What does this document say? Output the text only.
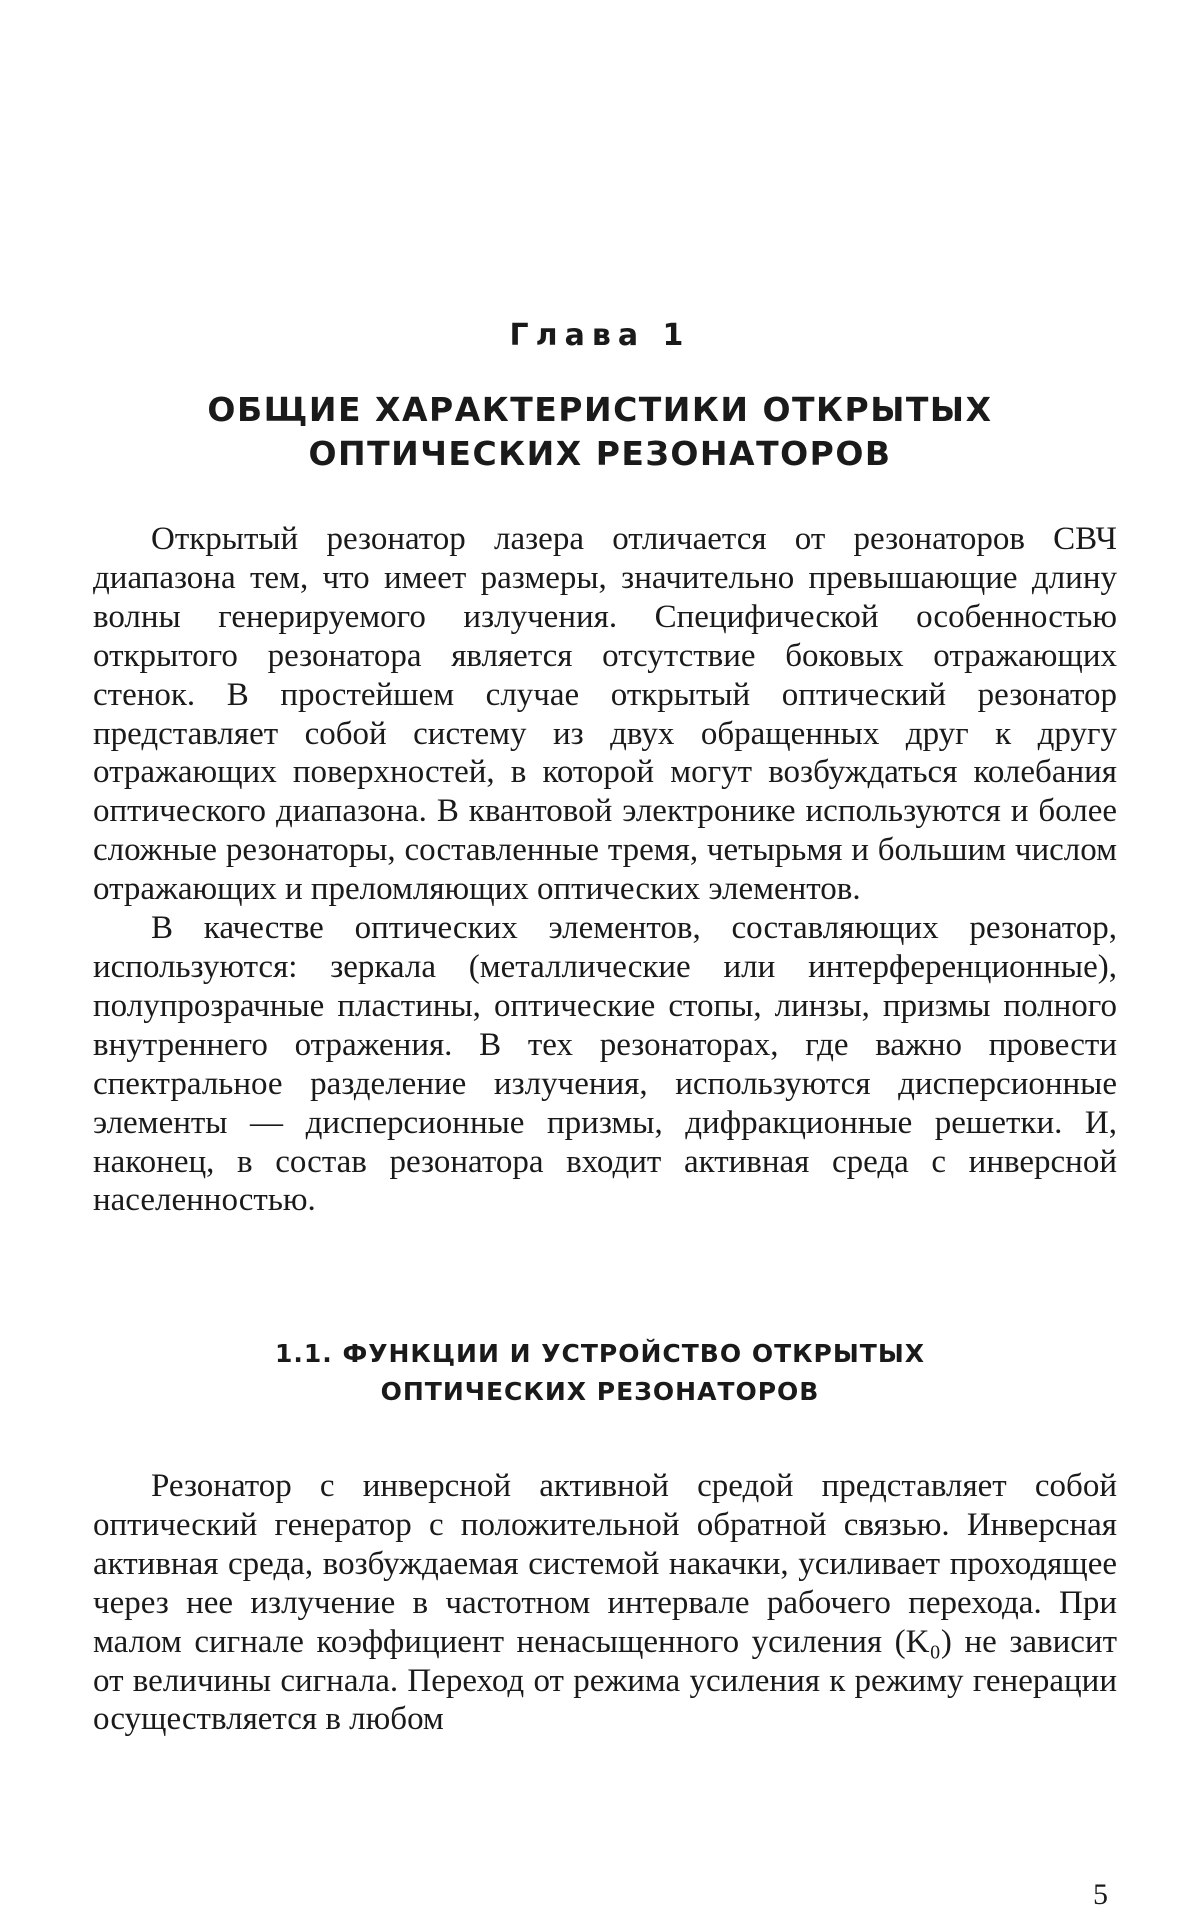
Глава 1
ОБЩИЕ ХАРАКТЕРИСТИКИ ОТКРЫТЫХ
ОПТИЧЕСКИХ РЕЗОНАТОРОВ

Открытый резонатор лазера отличается от резонаторов СВЧ диапазона тем, что имеет размеры, значительно превышающие длину волны генерируемого излучения. Специфической особенностью открытого резонатора является отсутствие боковых отражающих стенок. В простейшем случае открытый оптический резонатор представляет собой систему из двух обращенных друг к другу отражающих поверхностей, в которой могут возбуждаться колебания оптического диапазона. В квантовой электронике используются и более сложные резонаторы, составленные тремя, четырьмя и большим числом отражающих и преломляющих оптических элементов.

В качестве оптических элементов, составляющих резонатор, используются: зеркала (металлические или интерференционные), полупрозрачные пластины, оптические стопы, линзы, призмы полного внутреннего отражения. В тех резонаторах, где важно провести спектральное разделение излучения, используются дисперсионные элементы — дисперсионные призмы, дифракционные решетки. И, наконец, в состав резонатора входит активная среда с инверсной населенностью.

1.1. ФУНКЦИИ И УСТРОЙСТВО ОТКРЫТЫХ
ОПТИЧЕСКИХ РЕЗОНАТОРОВ

Резонатор с инверсной активной средой представляет собой оптический генератор с положительной обратной связью. Инверсная активная среда, возбуждаемая системой накачки, усиливает проходящее через нее излучение в частотном интервале рабочего перехода. При малом сигнале коэффициент ненасыщенного усиления (K₀) не зависит от величины сигнала. Переход от режима усиления к режиму генерации осуществляется в любом

5
